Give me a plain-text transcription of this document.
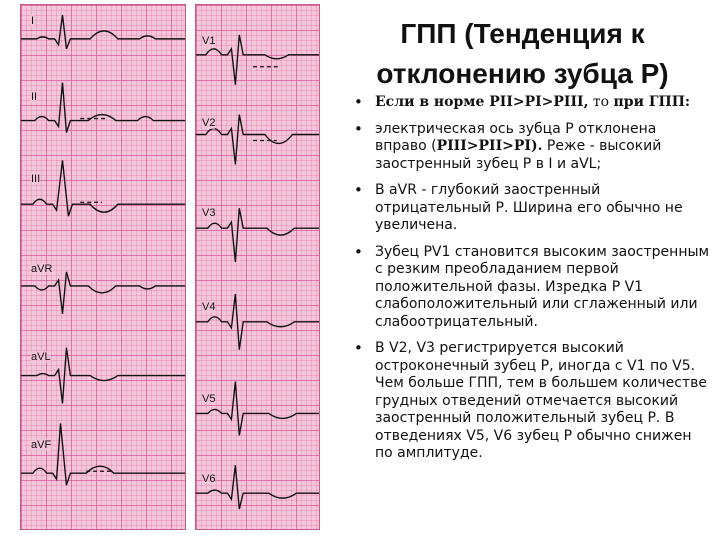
I
II
III
aVR
aVL
aVF
V1
V2
V3
V4
V5
V6
ГПП (Тенденция к отклонению зубца Р)
• Если в норме PII>PI>PIII, то при ГПП:
• электрическая ось зубца Р отклонена вправо (PIII>PII>PI). Реже - высокий заостренный зубец Р в I и aVL;
• В aVR - глубокий заостренный отрицательный Р. Ширина его обычно не увеличена.
• Зубец PV1 становится высоким заостренным с резким преобладанием первой положительной фазы. Изредка Р V1 слабоположительный или сглаженный или слабоотрицательный.
• В V2, V3 регистрируется высокий остроконечный зубец Р, иногда с V1 по V5. Чем больше ГПП, тем в большем количестве грудных отведений отмечается высокий заостренный положительный зубец Р. В отведениях V5, V6 зубец Р обычно снижен по амплитуде.
